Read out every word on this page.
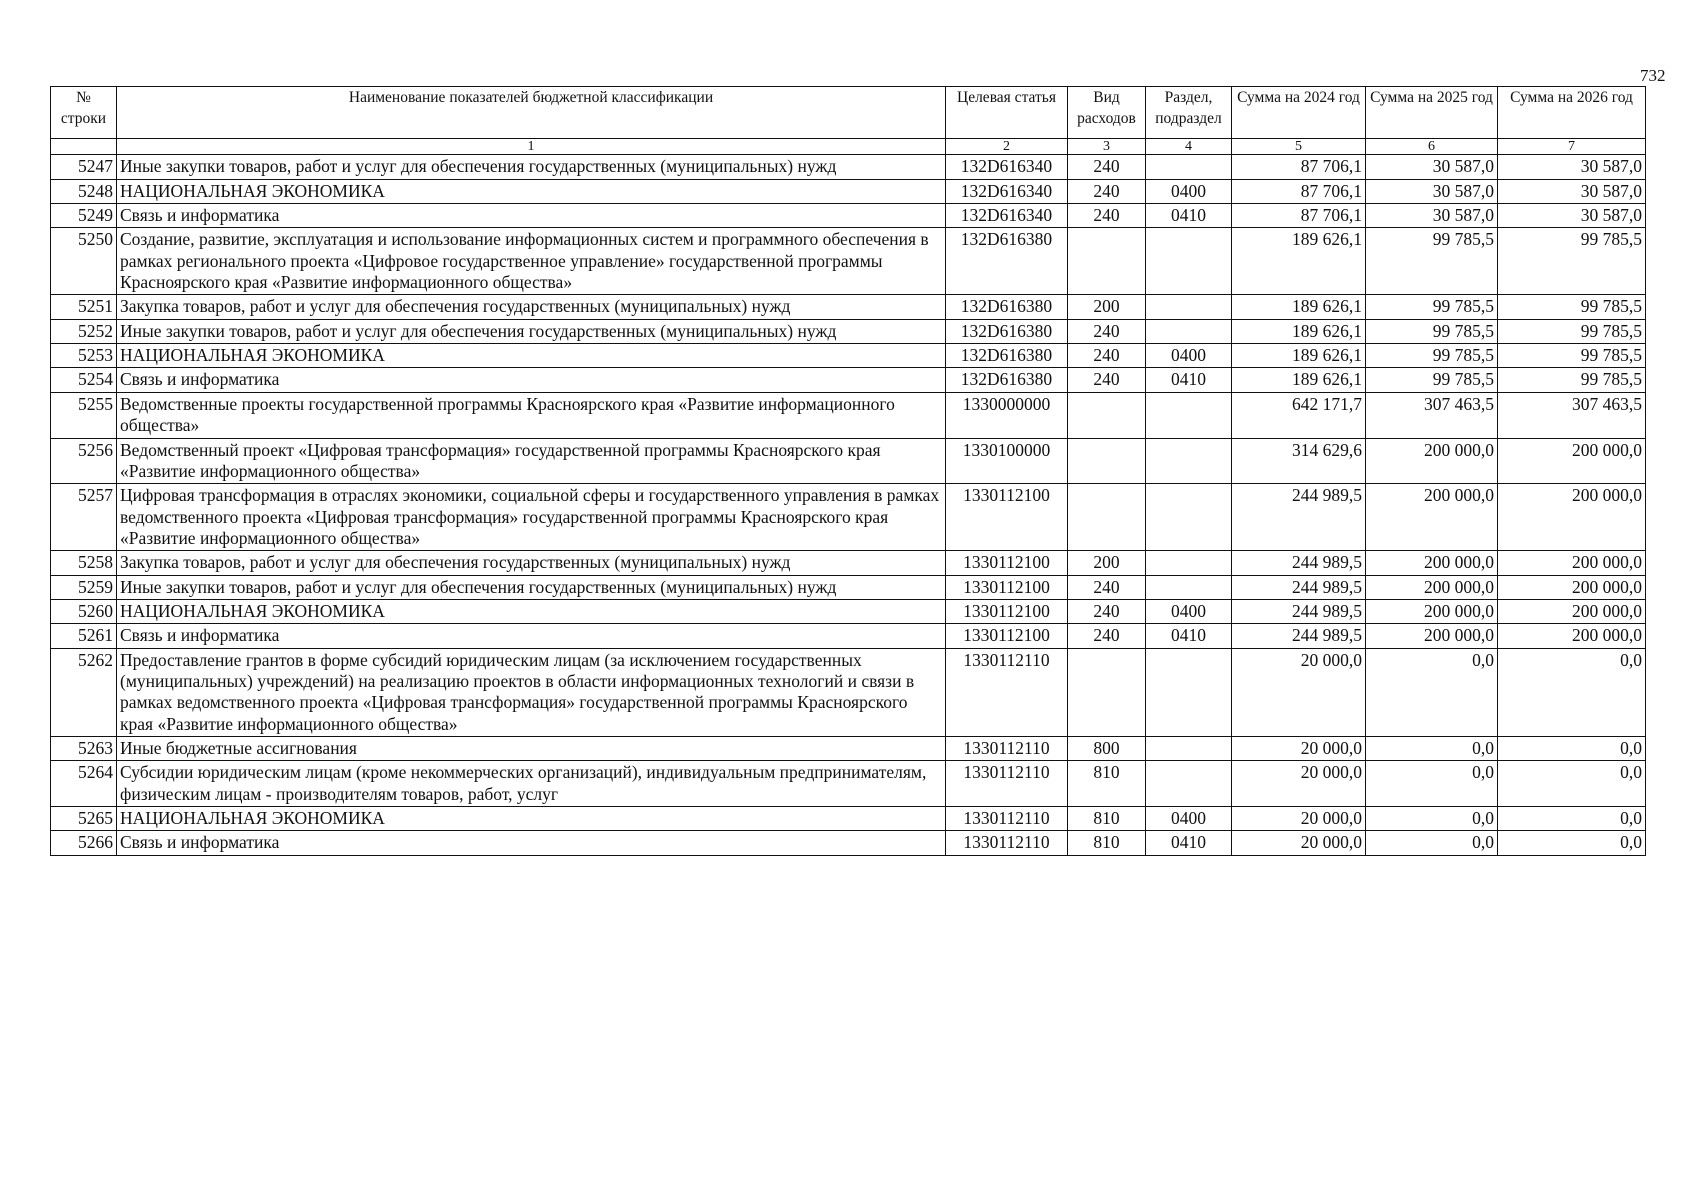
732
№ строки	Наименование показателей бюджетной классификации	Целевая статья	Вид расходов	Раздел, подраздел	Сумма на 2024 год	Сумма на 2025 год	Сумма на 2026 год
	1	2	3	4	5	6	7
5247	Иные закупки товаров, работ и услуг для обеспечения государственных (муниципальных) нужд	132D616340	240		87 706,1	30 587,0	30 587,0
5248	НАЦИОНАЛЬНАЯ ЭКОНОМИКА	132D616340	240	0400	87 706,1	30 587,0	30 587,0
5249	Связь и информатика	132D616340	240	0410	87 706,1	30 587,0	30 587,0
5250	Создание, развитие, эксплуатация и использование информационных систем и программного обеспечения в рамках регионального проекта «Цифровое государственное управление» государственной программы Красноярского края «Развитие информационного общества»	132D616380			189 626,1	99 785,5	99 785,5
5251	Закупка товаров, работ и услуг для обеспечения государственных (муниципальных) нужд	132D616380	200		189 626,1	99 785,5	99 785,5
5252	Иные закупки товаров, работ и услуг для обеспечения государственных (муниципальных) нужд	132D616380	240		189 626,1	99 785,5	99 785,5
5253	НАЦИОНАЛЬНАЯ ЭКОНОМИКА	132D616380	240	0400	189 626,1	99 785,5	99 785,5
5254	Связь и информатика	132D616380	240	0410	189 626,1	99 785,5	99 785,5
5255	Ведомственные проекты государственной программы Красноярского края «Развитие информационного общества»	1330000000			642 171,7	307 463,5	307 463,5
5256	Ведомственный проект «Цифровая трансформация» государственной программы Красноярского края «Развитие информационного общества»	1330100000			314 629,6	200 000,0	200 000,0
5257	Цифровая трансформация в отраслях экономики, социальной сферы и государственного управления в рамках ведомственного проекта «Цифровая трансформация» государственной программы Красноярского края «Развитие информационного общества»	1330112100			244 989,5	200 000,0	200 000,0
5258	Закупка товаров, работ и услуг для обеспечения государственных (муниципальных) нужд	1330112100	200		244 989,5	200 000,0	200 000,0
5259	Иные закупки товаров, работ и услуг для обеспечения государственных (муниципальных) нужд	1330112100	240		244 989,5	200 000,0	200 000,0
5260	НАЦИОНАЛЬНАЯ ЭКОНОМИКА	1330112100	240	0400	244 989,5	200 000,0	200 000,0
5261	Связь и информатика	1330112100	240	0410	244 989,5	200 000,0	200 000,0
5262	Предоставление грантов в форме субсидий юридическим лицам (за исключением государственных (муниципальных) учреждений) на реализацию проектов в области информационных технологий и связи в рамках ведомственного проекта «Цифровая трансформация» государственной программы Красноярского края «Развитие информационного общества»	1330112110			20 000,0	0,0	0,0
5263	Иные бюджетные ассигнования	1330112110	800		20 000,0	0,0	0,0
5264	Субсидии юридическим лицам (кроме некоммерческих организаций), индивидуальным предпринимателям, физическим лицам - производителям товаров, работ, услуг	1330112110	810		20 000,0	0,0	0,0
5265	НАЦИОНАЛЬНАЯ ЭКОНОМИКА	1330112110	810	0400	20 000,0	0,0	0,0
5266	Связь и информатика	1330112110	810	0410	20 000,0	0,0	0,0
